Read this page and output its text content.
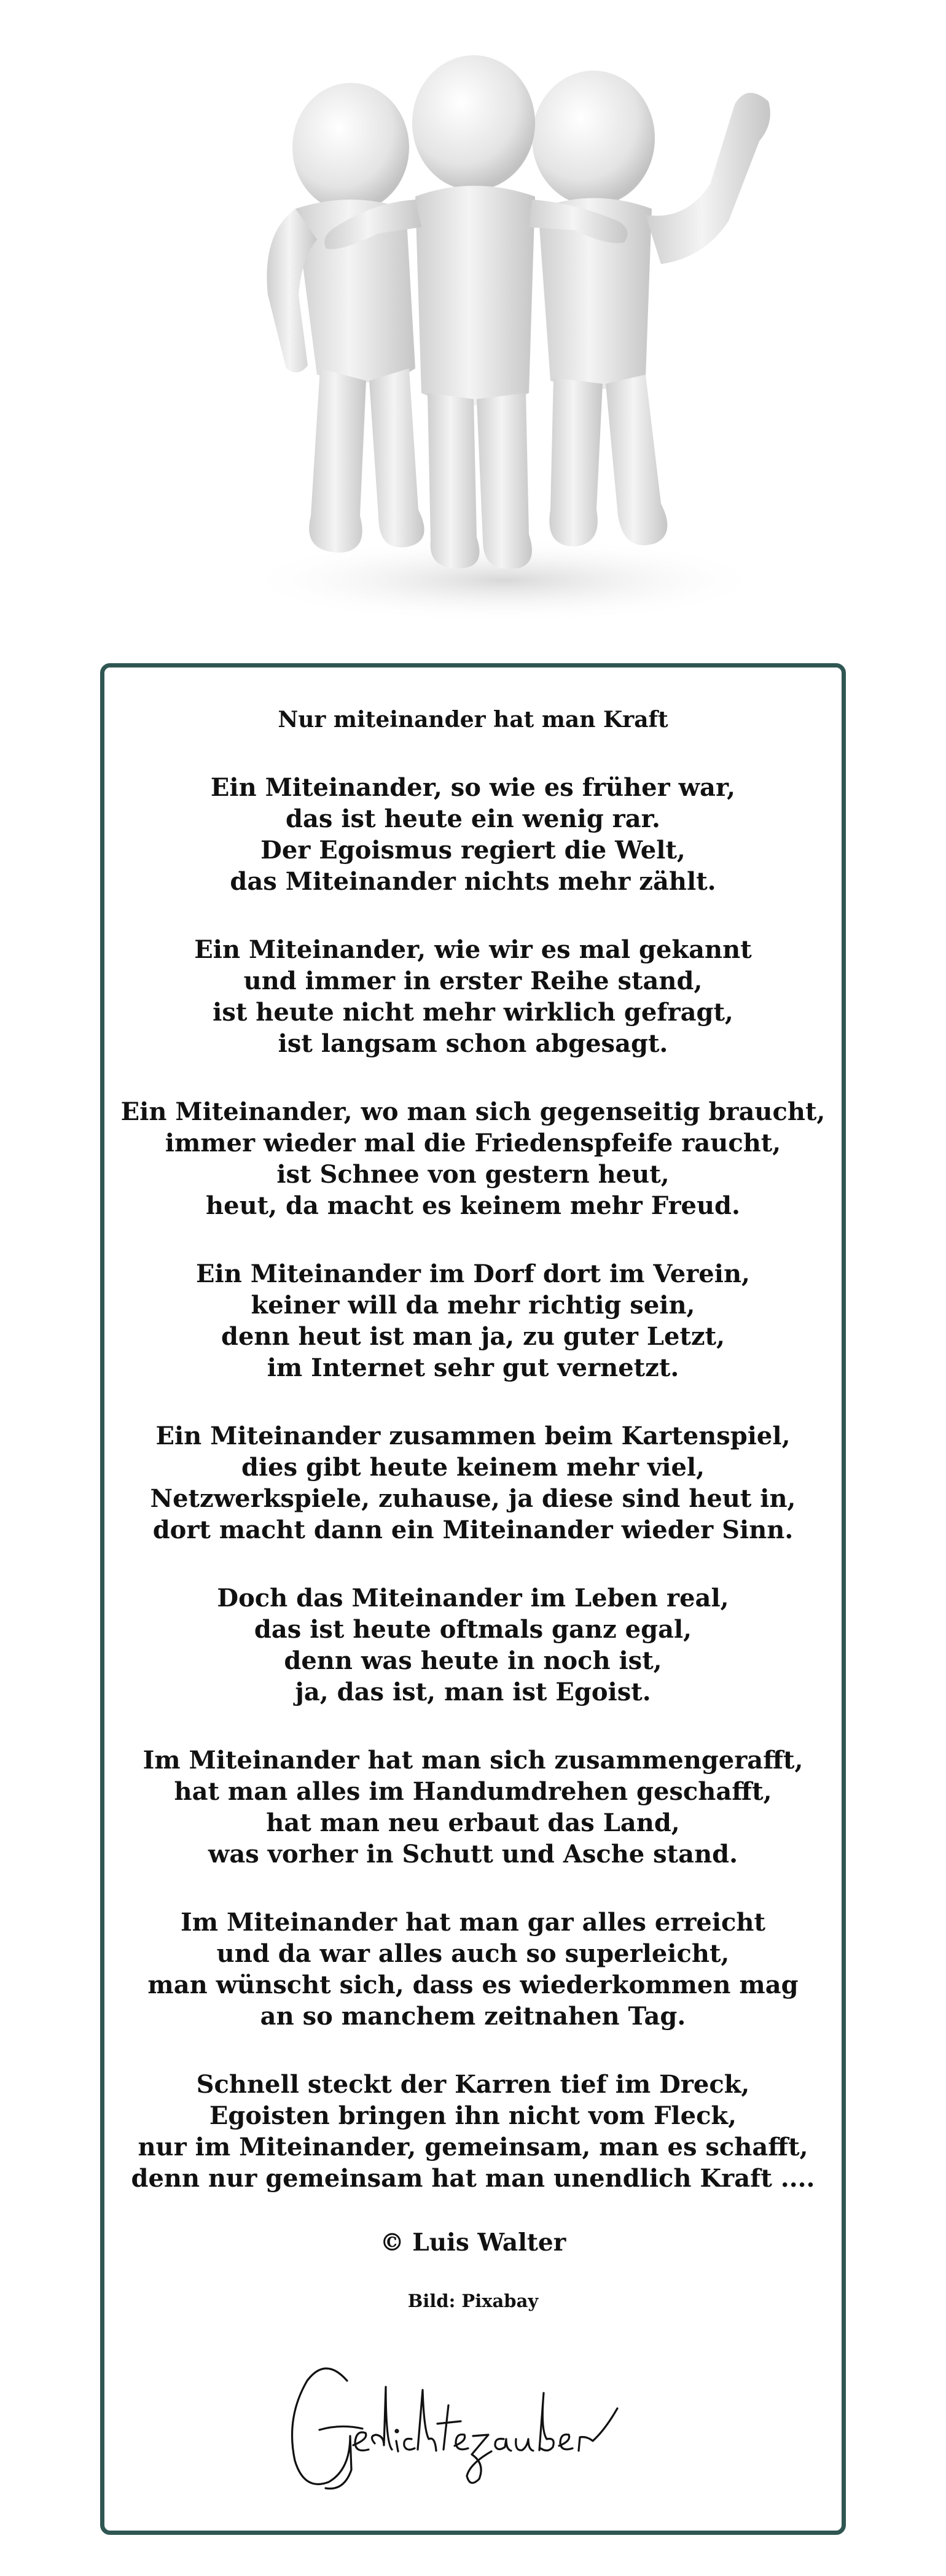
Nur miteinander hat man Kraft
Ein Miteinander, so wie es früher war,
das ist heute ein wenig rar.
Der Egoismus regiert die Welt,
das Miteinander nichts mehr zählt.
Ein Miteinander, wie wir es mal gekannt
und immer in erster Reihe stand,
ist heute nicht mehr wirklich gefragt,
ist langsam schon abgesagt.
Ein Miteinander, wo man sich gegenseitig braucht,
immer wieder mal die Friedenspfeife raucht,
ist Schnee von gestern heut,
heut, da macht es keinem mehr Freud.
Ein Miteinander im Dorf dort im Verein,
keiner will da mehr richtig sein,
denn heut ist man ja, zu guter Letzt,
im Internet sehr gut vernetzt.
Ein Miteinander zusammen beim Kartenspiel,
dies gibt heute keinem mehr viel,
Netzwerkspiele, zuhause, ja diese sind heut in,
dort macht dann ein Miteinander wieder Sinn.
Doch das Miteinander im Leben real,
das ist heute oftmals ganz egal,
denn was heute in noch ist,
ja, das ist, man ist Egoist.
Im Miteinander hat man sich zusammengerafft,
hat man alles im Handumdrehen geschafft,
hat man neu erbaut das Land,
was vorher in Schutt und Asche stand.
Im Miteinander hat man gar alles erreicht
und da war alles auch so superleicht,
man wünscht sich, dass es wiederkommen mag
an so manchem zeitnahen Tag.
Schnell steckt der Karren tief im Dreck,
Egoisten bringen ihn nicht vom Fleck,
nur im Miteinander, gemeinsam, man es schafft,
denn nur gemeinsam hat man unendlich Kraft ....
© Luis Walter
Bild: Pixabay
